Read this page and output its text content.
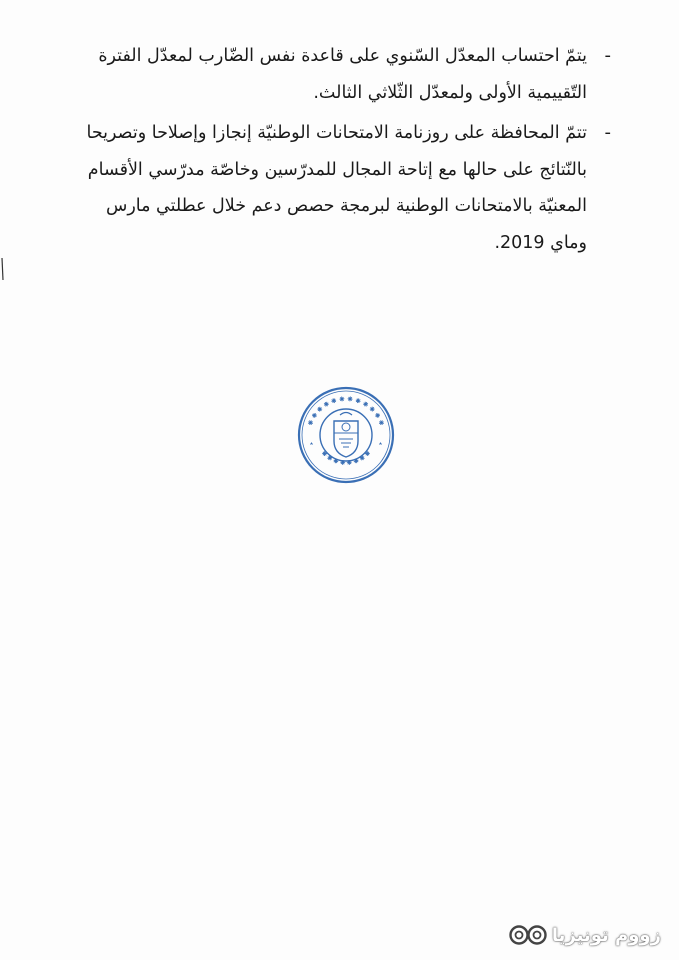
-
يتمّ احتساب المعدّل السّنوي على قاعدة نفس الضّارب لمعدّل الفترة التّقييمية الأولى ولمعدّل الثّلاثي الثالث.
-
تتمّ المحافظة على روزنامة الامتحانات الوطنيّة إنجازا وإصلاحا وتصريحا بالنّتائج على حالها مع إتاحة المجال للمدرّسين وخاصّة مدرّسي الأقسام المعنيّة بالامتحانات الوطنية لبرمجة حصص دعم خلال عطلتي مارس وماي 2019.
⁕⁕⁕⁕⁕⁕⁕⁕⁕⁕⁕⁕
⁕⁕⁕⁕⁕⁕⁕⁕
زووم تونيزيا
